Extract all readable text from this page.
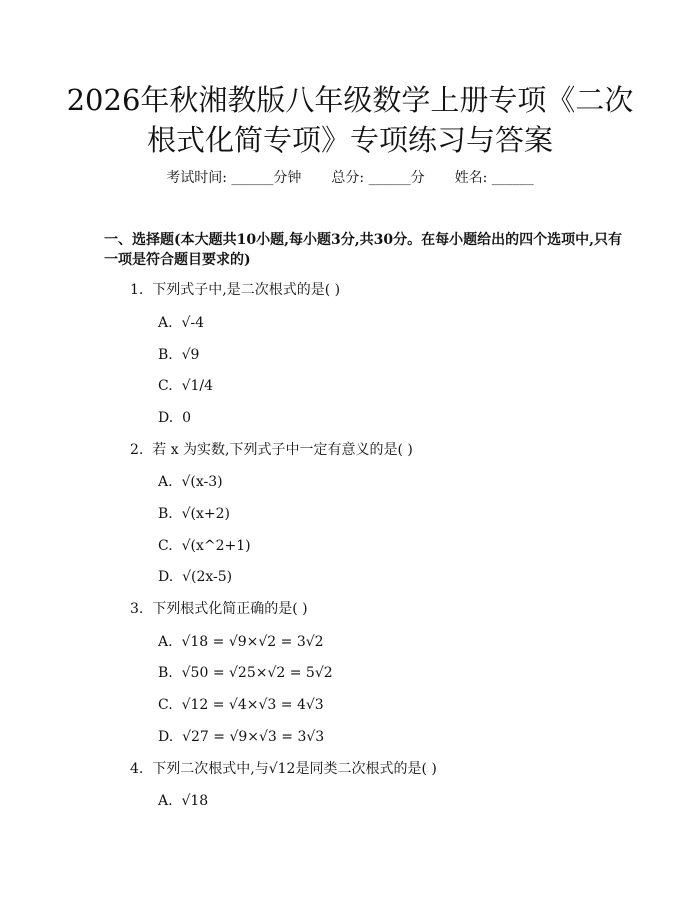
2026年秋湘教版八年级数学上册专项《二次
根式化简专项》专项练习与答案
考试时间: ______分钟 总分: ______分 姓名: ______

一、选择题(本大题共10小题,每小题3分,共30分。在每小题给出的四个选项中,只有一项是符合题目要求的)

1.  下列式子中,是二次根式的是( )
A.  √-4
B.  √9
C.  √1/4
D.  0
2.  若 x 为实数,下列式子中一定有意义的是( )
A.  √(x-3)
B.  √(x+2)
C.  √(x^2+1)
D.  √(2x-5)
3.  下列根式化简正确的是( )
A.  √18 = √9×√2 = 3√2
B.  √50 = √25×√2 = 5√2
C.  √12 = √4×√3 = 4√3
D.  √27 = √9×√3 = 3√3
4.  下列二次根式中,与√12是同类二次根式的是( )
A.  √18
